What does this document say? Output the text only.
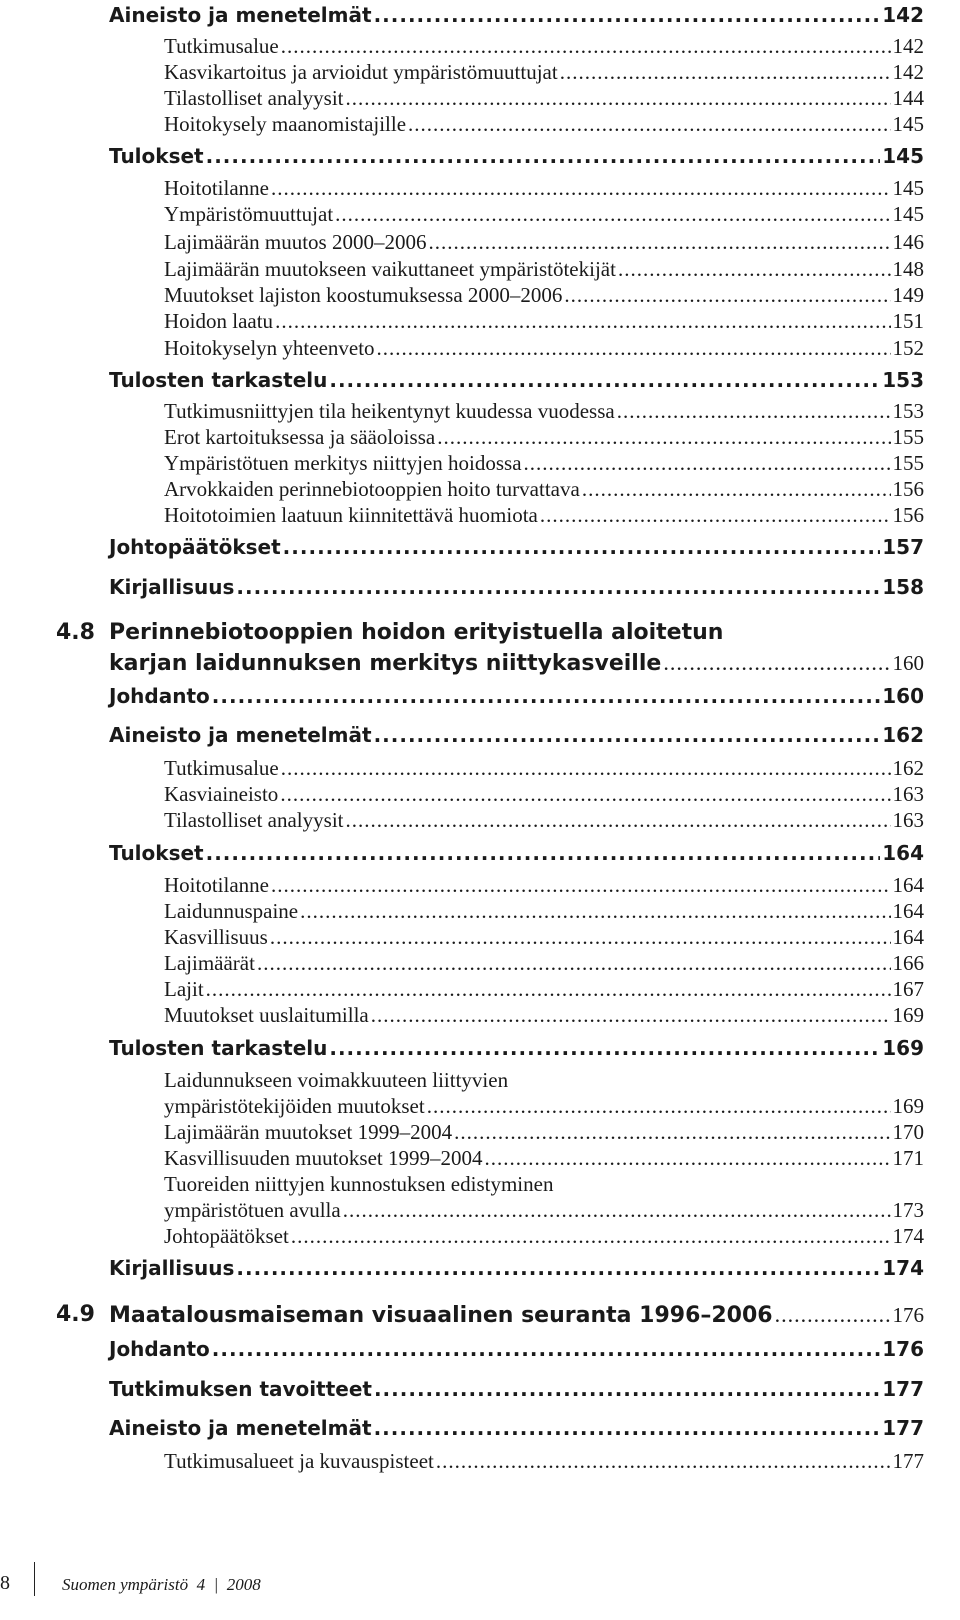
Aineisto ja menetelmät .....	142
Tutkimusalue .....	142
Kasvikartoitus ja arvioidut ympäristömuuttujat .....	142
Tilastolliset analyysit .....	144
Hoitokysely maanomistajille .....	145
Tulokset .....	145
Hoitotilanne .....	145
Ympäristömuuttujat .....	145
Lajimäärän muutos 2000–2006 .....	146
Lajimäärän muutokseen vaikuttaneet ympäristötekijät .....	148
Muutokset lajiston koostumuksessa 2000–2006 .....	149
Hoidon laatu .....	151
Hoitokyselyn yhteenveto .....	152
Tulosten tarkastelu .....	153
Tutkimusniittyjen tila heikentynyt kuudessa vuodessa .....	153
Erot kartoituksessa ja sääoloissa .....	155
Ympäristötuen merkitys niittyjen hoidossa .....	155
Arvokkaiden perinnebiotooppien hoito turvattava .....	156
Hoitotoimien laatuun kiinnitettävä huomiota .....	156
Johtopäätökset .....	157
Kirjallisuus .....	158
4.8 Perinnebiotooppien hoidon erityistuella aloitetun
karjan laidunnuksen merkitys niittykasveille .....	160
Johdanto .....	160
Aineisto ja menetelmät .....	162
Tutkimusalue .....	162
Kasviaineisto .....	163
Tilastolliset analyysit .....	163
Tulokset .....	164
Hoitotilanne .....	164
Laidunnuspaine .....	164
Kasvillisuus .....	164
Lajimäärät .....	166
Lajit .....	167
Muutokset uuslaitumilla .....	169
Tulosten tarkastelu .....	169
Laidunnukseen voimakkuuteen liittyvien
ympäristötekijöiden muutokset .....	169
Lajimäärän muutokset 1999–2004 .....	170
Kasvillisuuden muutokset 1999–2004 .....	171
Tuoreiden niittyjen kunnostuksen edistyminen
ympäristötuen avulla .....	173
Johtopäätökset .....	174
Kirjallisuus .....	174
4.9 Maatalousmaiseman visuaalinen seuranta 1996–2006 .....	176
Johdanto .....	176
Tutkimuksen tavoitteet .....	177
Aineisto ja menetelmät .....	177
Tutkimusalueet ja kuvauspisteet .....	177
8	Suomen ympäristö  4  |  2008
